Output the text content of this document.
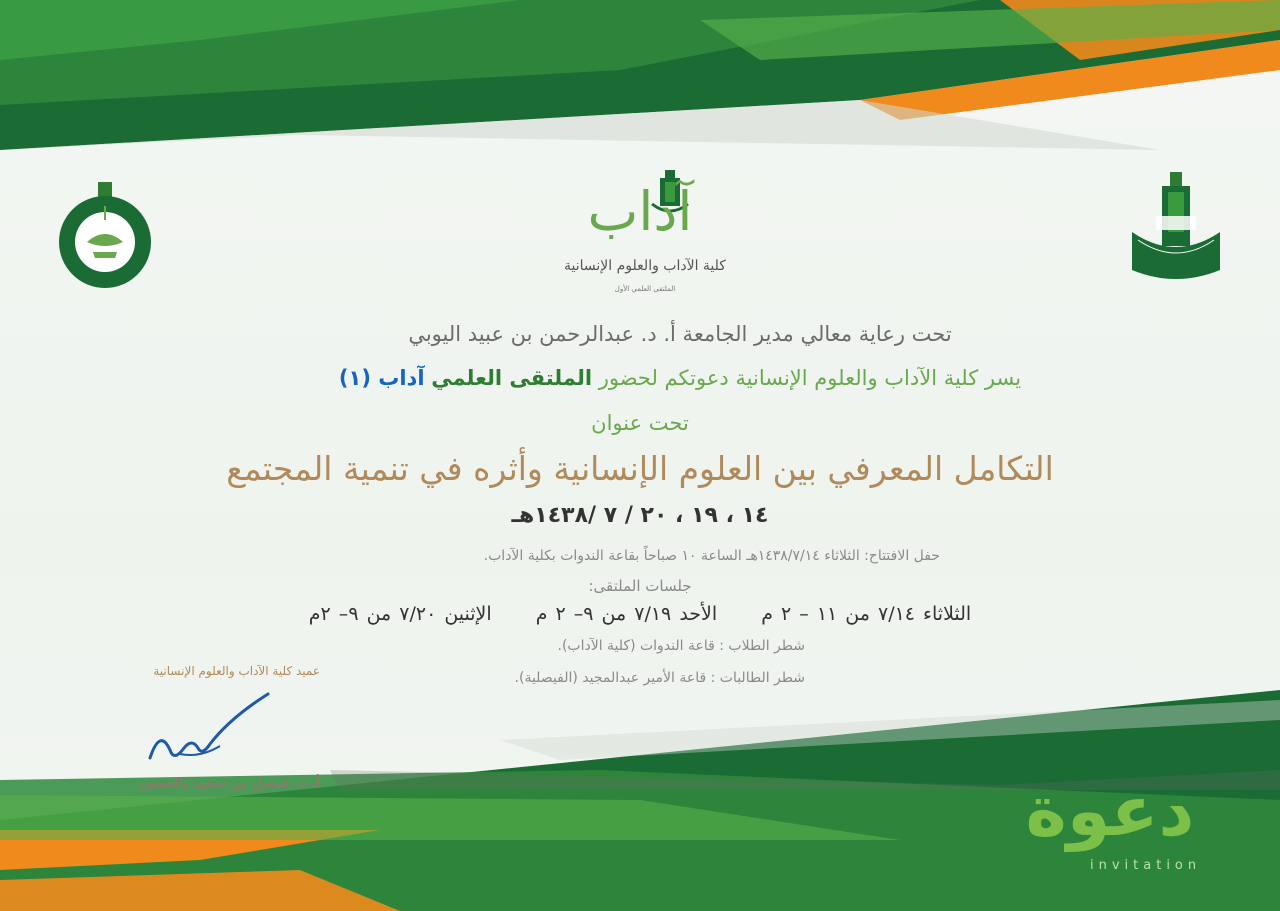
آداب
كلية الآداب والعلوم الإنسانية
الملتقى العلمي الأول
تحت رعاية معالي مدير الجامعة أ. د. عبدالرحمن بن عبيد اليوبي
يسر كلية الآداب والعلوم الإنسانية دعوتكم لحضور الملتقى العلمي آداب (١)
تحت عنوان
التكامل المعرفي بين العلوم الإنسانية وأثره في تنمية المجتمع
١٤ ، ١٩ ، ٢٠ / ٧ /١٤٣٨هـ
حفل الافتتاح: الثلاثاء ١٤٣٨/٧/١٤هـ الساعة ١٠ صباحاً بقاعة الندوات بكلية الآداب.
جلسات الملتقى:
الثلاثاء ٧/١٤ من ١١ – ٢ م الأحد ٧/١٩ من ٩– ٢ م الإثنين ٧/٢٠ من ٩– ٢م
شطر الطلاب : قاعة الندوات (كلية الآداب).
شطر الطالبات : قاعة الأمير عبدالمجيد (الفيصلية).
عميد كلية الآداب والعلوم الإنسانية
أ. د. فيصل بن سعيد بالعمش	دعوة
invitation
